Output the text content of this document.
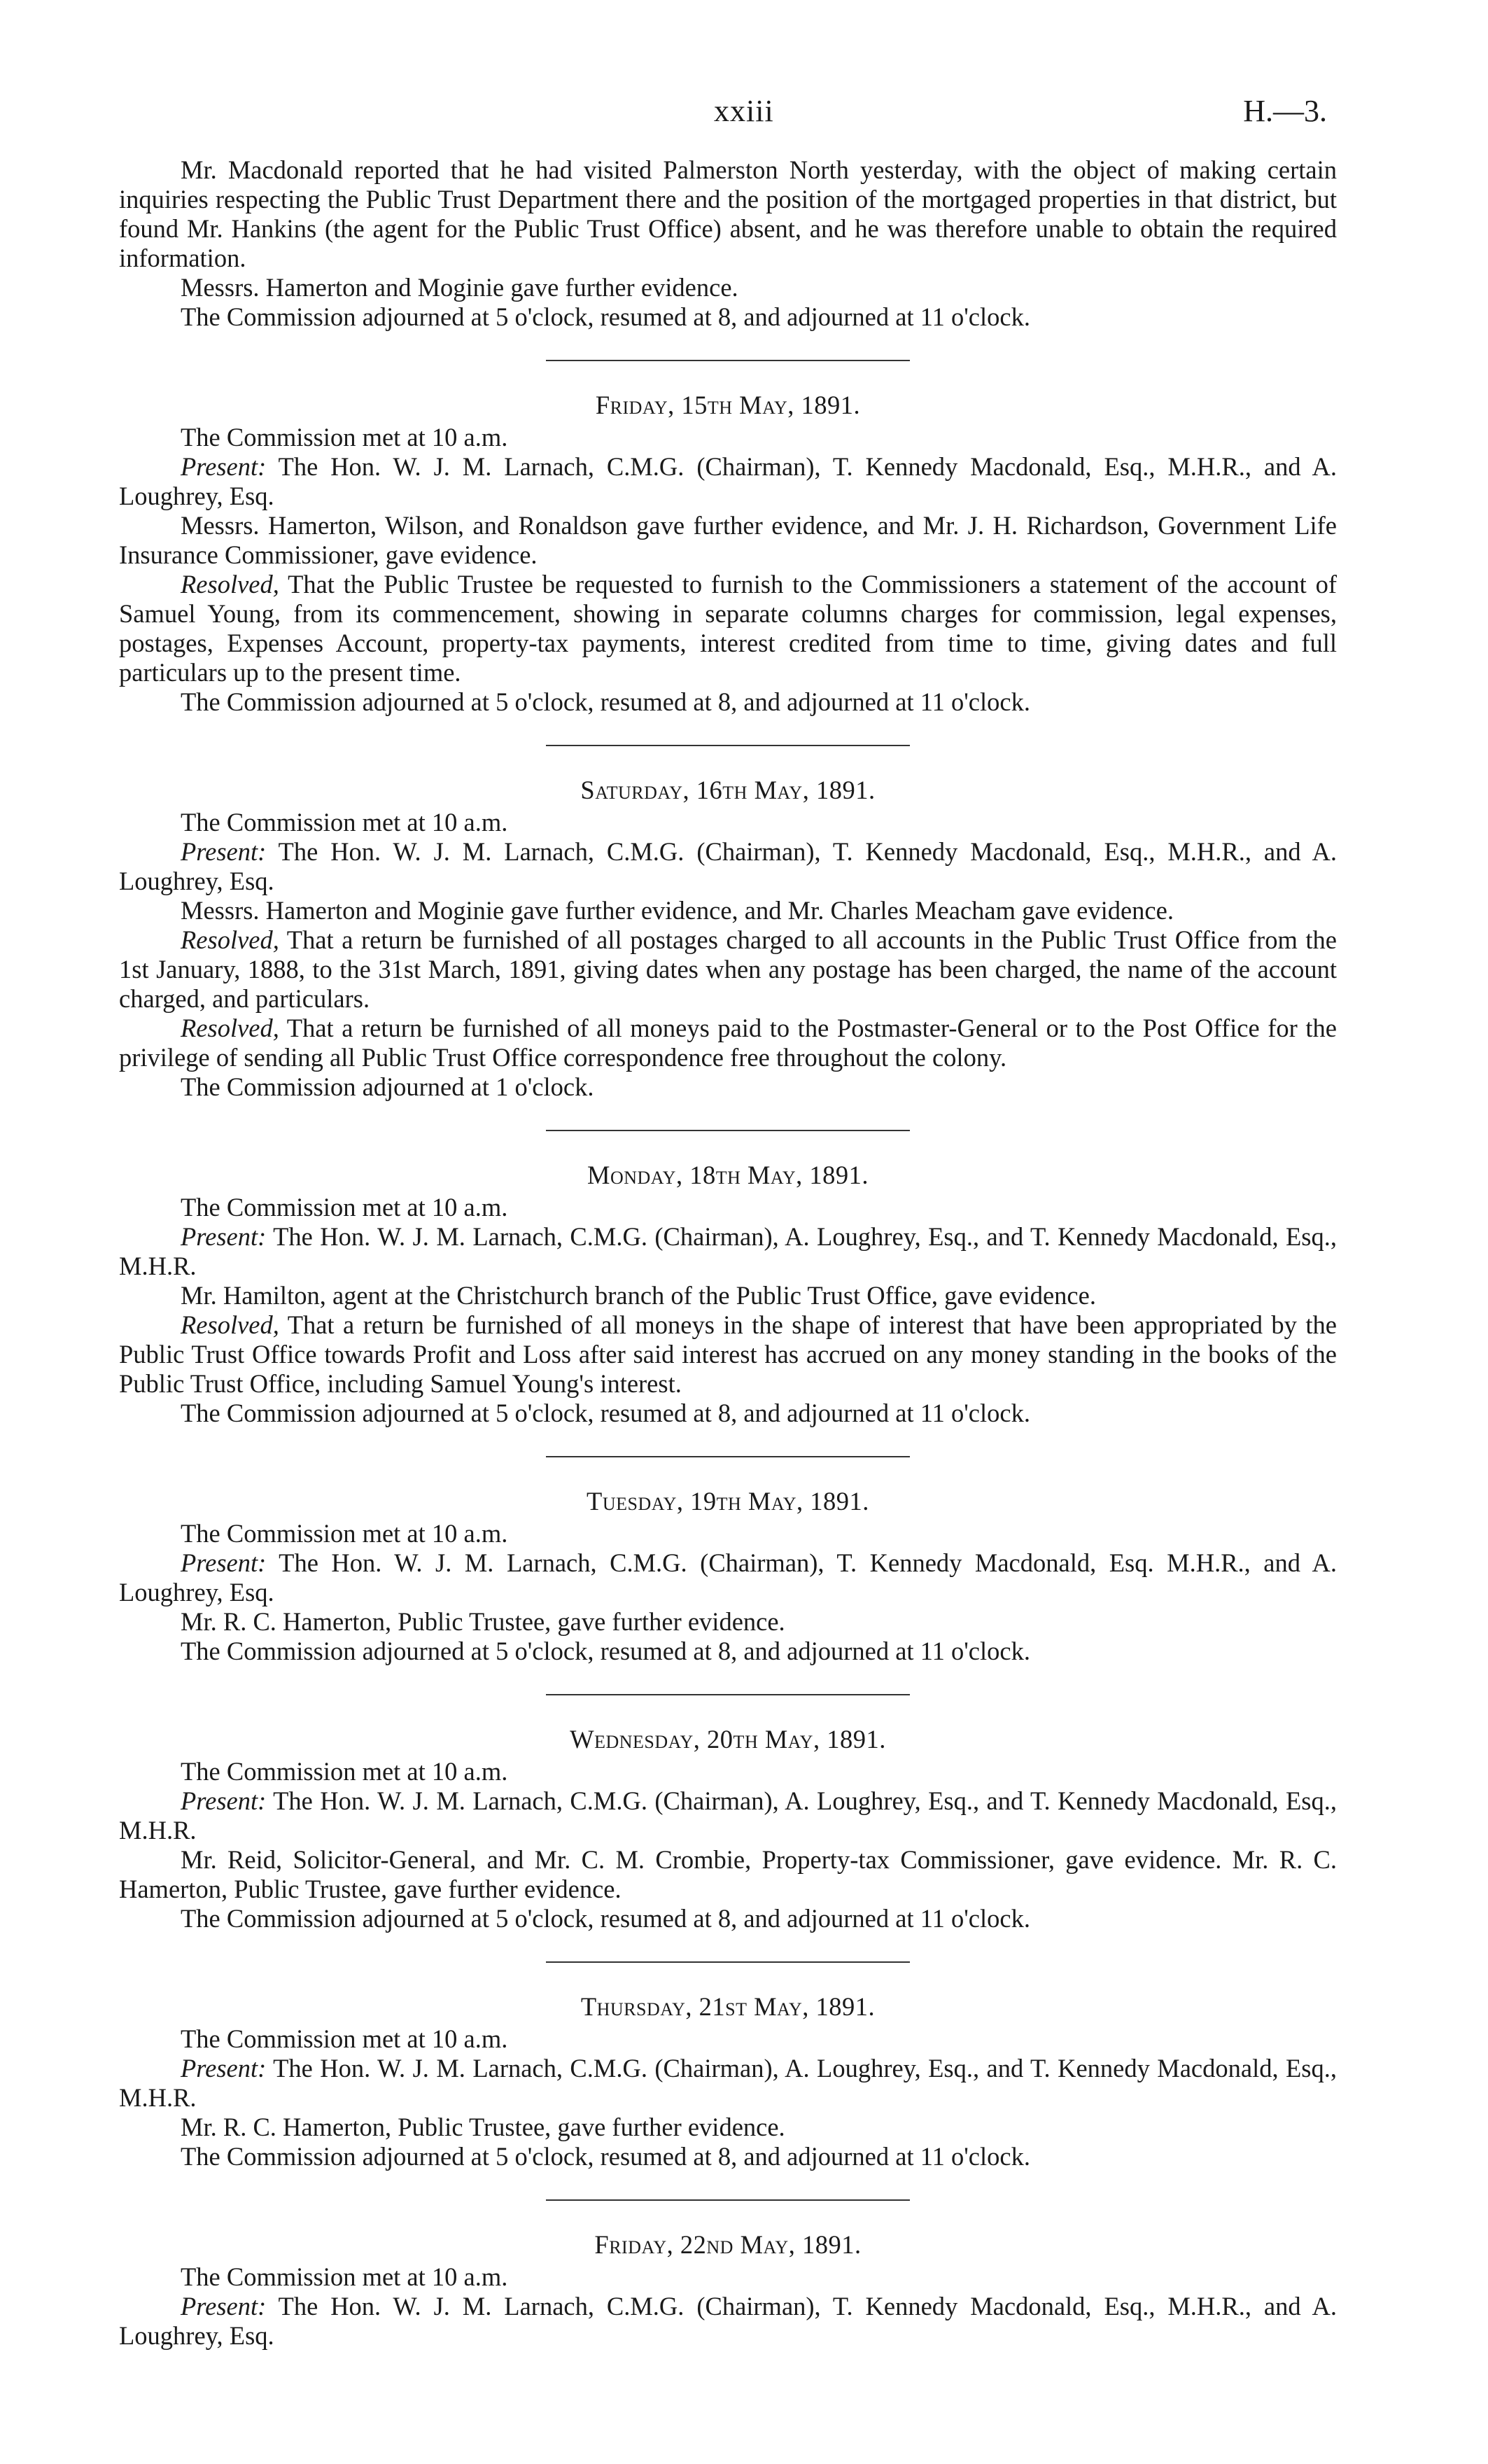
xxiii	H.—3.

Mr. Macdonald reported that he had visited Palmerston North yesterday, with the object of making certain inquiries respecting the Public Trust Department there and the position of the mortgaged properties in that district, but found Mr. Hankins (the agent for the Public Trust Office) absent, and he was therefore unable to obtain the required information.

Messrs. Hamerton and Moginie gave further evidence.

The Commission adjourned at 5 o'clock, resumed at 8, and adjourned at 11 o'clock.

Friday, 15th May, 1891.

The Commission met at 10 a.m.

Present: The Hon. W. J. M. Larnach, C.M.G. (Chairman), T. Kennedy Macdonald, Esq., M.H.R., and A. Loughrey, Esq.

Messrs. Hamerton, Wilson, and Ronaldson gave further evidence, and Mr. J. H. Richardson, Government Life Insurance Commissioner, gave evidence.

Resolved, That the Public Trustee be requested to furnish to the Commissioners a statement of the account of Samuel Young, from its commencement, showing in separate columns charges for commission, legal expenses, postages, Expenses Account, property-tax payments, interest credited from time to time, giving dates and full particulars up to the present time.

The Commission adjourned at 5 o'clock, resumed at 8, and adjourned at 11 o'clock.

Saturday, 16th May, 1891.

The Commission met at 10 a.m.

Present: The Hon. W. J. M. Larnach, C.M.G. (Chairman), T. Kennedy Macdonald, Esq., M.H.R., and A. Loughrey, Esq.

Messrs. Hamerton and Moginie gave further evidence, and Mr. Charles Meacham gave evidence.

Resolved, That a return be furnished of all postages charged to all accounts in the Public Trust Office from the 1st January, 1888, to the 31st March, 1891, giving dates when any postage has been charged, the name of the account charged, and particulars.

Resolved, That a return be furnished of all moneys paid to the Postmaster-General or to the Post Office for the privilege of sending all Public Trust Office correspondence free throughout the colony.

The Commission adjourned at 1 o'clock.

Monday, 18th May, 1891.

The Commission met at 10 a.m.

Present: The Hon. W. J. M. Larnach, C.M.G. (Chairman), A. Loughrey, Esq., and T. Kennedy Macdonald, Esq., M.H.R.

Mr. Hamilton, agent at the Christchurch branch of the Public Trust Office, gave evidence.

Resolved, That a return be furnished of all moneys in the shape of interest that have been appropriated by the Public Trust Office towards Profit and Loss after said interest has accrued on any money standing in the books of the Public Trust Office, including Samuel Young's interest.

The Commission adjourned at 5 o'clock, resumed at 8, and adjourned at 11 o'clock.

Tuesday, 19th May, 1891.

The Commission met at 10 a.m.

Present: The Hon. W. J. M. Larnach, C.M.G. (Chairman), T. Kennedy Macdonald, Esq. M.H.R., and A. Loughrey, Esq.

Mr. R. C. Hamerton, Public Trustee, gave further evidence.

The Commission adjourned at 5 o'clock, resumed at 8, and adjourned at 11 o'clock.

Wednesday, 20th May, 1891.

The Commission met at 10 a.m.

Present: The Hon. W. J. M. Larnach, C.M.G. (Chairman), A. Loughrey, Esq., and T. Kennedy Macdonald, Esq., M.H.R.

Mr. Reid, Solicitor-General, and Mr. C. M. Crombie, Property-tax Commissioner, gave evidence. Mr. R. C. Hamerton, Public Trustee, gave further evidence.

The Commission adjourned at 5 o'clock, resumed at 8, and adjourned at 11 o'clock.

Thursday, 21st May, 1891.

The Commission met at 10 a.m.

Present: The Hon. W. J. M. Larnach, C.M.G. (Chairman), A. Loughrey, Esq., and T. Kennedy Macdonald, Esq., M.H.R.

Mr. R. C. Hamerton, Public Trustee, gave further evidence.

The Commission adjourned at 5 o'clock, resumed at 8, and adjourned at 11 o'clock.

Friday, 22nd May, 1891.

The Commission met at 10 a.m.

Present: The Hon. W. J. M. Larnach, C.M.G. (Chairman), T. Kennedy Macdonald, Esq., M.H.R., and A. Loughrey, Esq.
